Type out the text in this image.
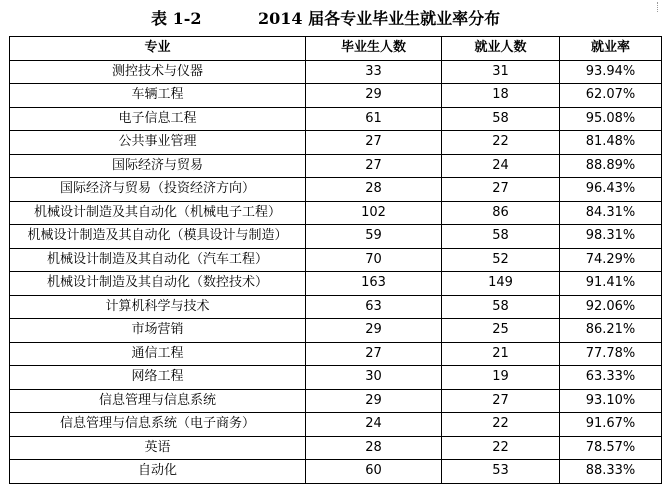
表 1-2	2014 届各专业毕业生就业率分布
专业	毕业生人数	就业人数	就业率
测控技术与仪器	33	31	93.94%
车辆工程	29	18	62.07%
电子信息工程	61	58	95.08%
公共事业管理	27	22	81.48%
国际经济与贸易	27	24	88.89%
国际经济与贸易（投资经济方向）	28	27	96.43%
机械设计制造及其自动化（机械电子工程）	102	86	84.31%
机械设计制造及其自动化（模具设计与制造）	59	58	98.31%
机械设计制造及其自动化（汽车工程）	70	52	74.29%
机械设计制造及其自动化（数控技术）	163	149	91.41%
计算机科学与技术	63	58	92.06%
市场营销	29	25	86.21%
通信工程	27	21	77.78%
网络工程	30	19	63.33%
信息管理与信息系统	29	27	93.10%
信息管理与信息系统（电子商务）	24	22	91.67%
英语	28	22	78.57%
自动化	60	53	88.33%
